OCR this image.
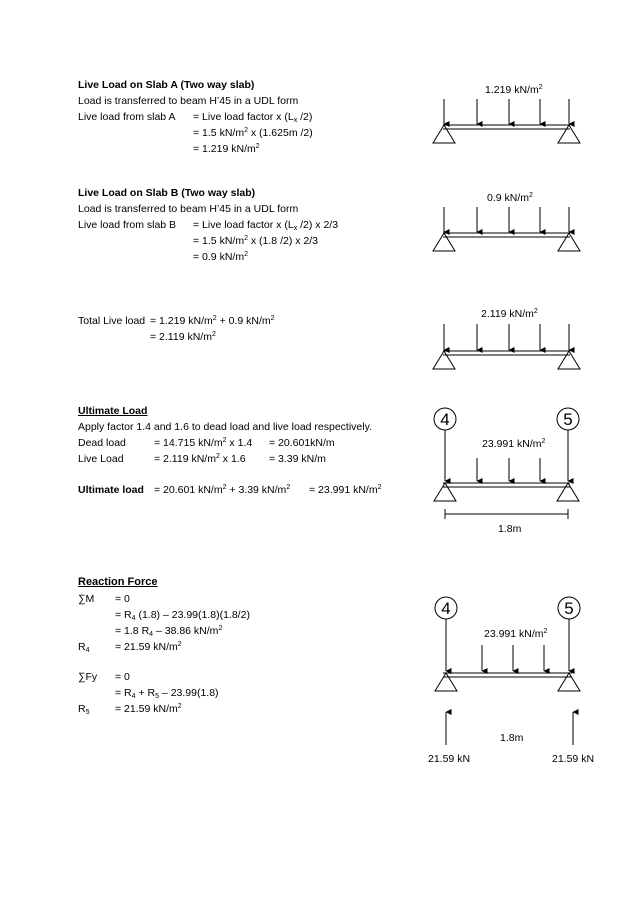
Live Load on Slab A (Two way slab)
Load is transferred to beam H’45 in a UDL form
Live load from slab A = Live load factor x ($L_x$ /2)
= 1.5 $kN/m^2$ x (1.625m /2)
= 1.219 $kN/m^2$
1.219 $kN/m^2$
Live Load on Slab B (Two way slab)
Load is transferred to beam H’45 in a UDL form
Live load from slab B = Live load factor x ($L_x$ /2) x 2/3
= 1.5 $kN/m^2$ x (1.8 /2) x 2/3
= 0.9 $kN/m^2$
0.9 $kN/m^2$
Total Live load = 1.219 $kN/m^2 + 0.9$ $kN/m^2$
= 2.119 $kN/m^2$
2.119 $kN/m^2$
Ultimate Load
Apply factor 1.4 and 1.6 to dead load and live load respectively.
Dead load	= 14.715 $kN/m^2$ x 1.4 = 20.601kN/m
Live Load	= 2.119 $kN/m^2$ x 1.6 = 3.39 kN/m
Ultimate load = 20.601 $kN/m^2 + 3.39$ $kN/m^2 = 23.991$ $kN/m^2$
23.991 $kN/m^2$
1.8m
Reaction Force
∑M = 0
= $R_4$ (1.8) – 23.99(1.8)(1.8/2)
= 1.8 $R_4 - 38.86$ $kN/m^2$
$R_4 = 21.59$ $kN/m^2$
∑Fy = 0
= $R_4 + R_5 - 23.99(1.8)$
$R_5 = 21.59$ $kN/m^2$
23.991 $kN/m^2$
1.8m
21.59 kN	21.59 kN
4	5
4	5
